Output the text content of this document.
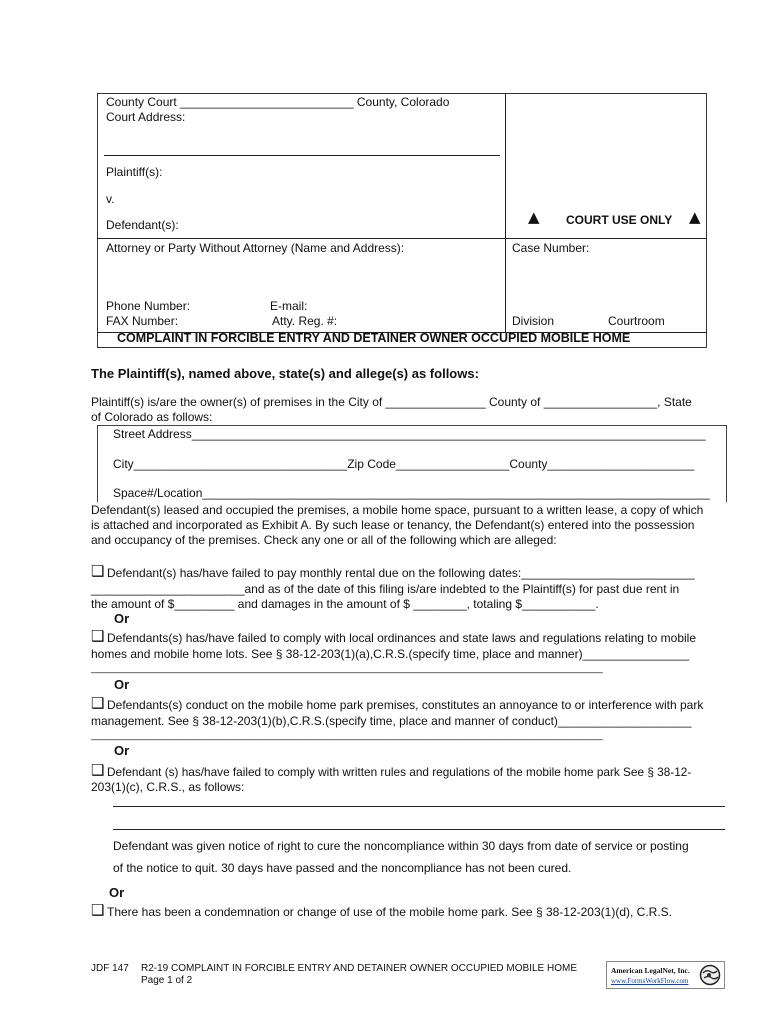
County Court __________________________ County, Colorado
Court Address:
Plaintiff(s):
v.
Defendant(s):	▲ COURT USE ONLY ▲
Attorney or Party Without Attorney (Name and Address):	Case Number:
Phone Number:	E-mail:
FAX Number:	Atty. Reg. #:	Division	Courtroom
COMPLAINT IN FORCIBLE ENTRY AND DETAINER OWNER OCCUPIED MOBILE HOME
The Plaintiff(s), named above, state(s) and allege(s) as follows:
Plaintiff(s) is/are the owner(s) of premises in the City of _______________ County of _________________, State
of Colorado as follows:
Street Address_____________________________________________________________________________
City________________________________Zip Code_________________County______________________
Space#/Location____________________________________________________________________________
Defendant(s) leased and occupied the premises, a mobile home space, pursuant to a written lease, a copy of which
is attached and incorporated as Exhibit A. By such lease or tenancy, the Defendant(s) entered into the possession
and occupancy of the premises. Check any one or all of the following which are alleged:
❑ Defendant(s) has/have failed to pay monthly rental due on the following dates:__________________________
_______________________and as of the date of this filing is/are indebted to the Plaintiff(s) for past due rent in
the amount of $_________ and damages in the amount of $ ________, totaling $___________.
Or
❑ Defendants(s) has/have failed to comply with local ordinances and state laws and regulations relating to mobile
homes and mobile home lots. See § 38-12-203(1)(a),C.R.S.(specify time, place and manner)________________
____________________________________________________________________________________________
Or
❑ Defendants(s) conduct on the mobile home park premises, constitutes an annoyance to or interference with park
management. See § 38-12-203(1)(b),C.R.S.(specify time, place and manner of conduct)____________________
____________________________________________________________________________________________
Or
❑ Defendant (s) has/have failed to comply with written rules and regulations of the mobile home park See § 38-12-
203(1)(c), C.R.S., as follows:
Defendant was given notice of right to cure the noncompliance within 30 days from date of service or posting
of the notice to quit. 30 days have passed and the noncompliance has not been cured.
Or
❑ There has been a condemnation or change of use of the mobile home park. See § 38-12-203(1)(d), C.R.S.
JDF 147 R2-19 COMPLAINT IN FORCIBLE ENTRY AND DETAINER OWNER OCCUPIED MOBILE HOME
Page 1 of 2
American LegalNet, Inc.
www.FormsWorkFlow.com
